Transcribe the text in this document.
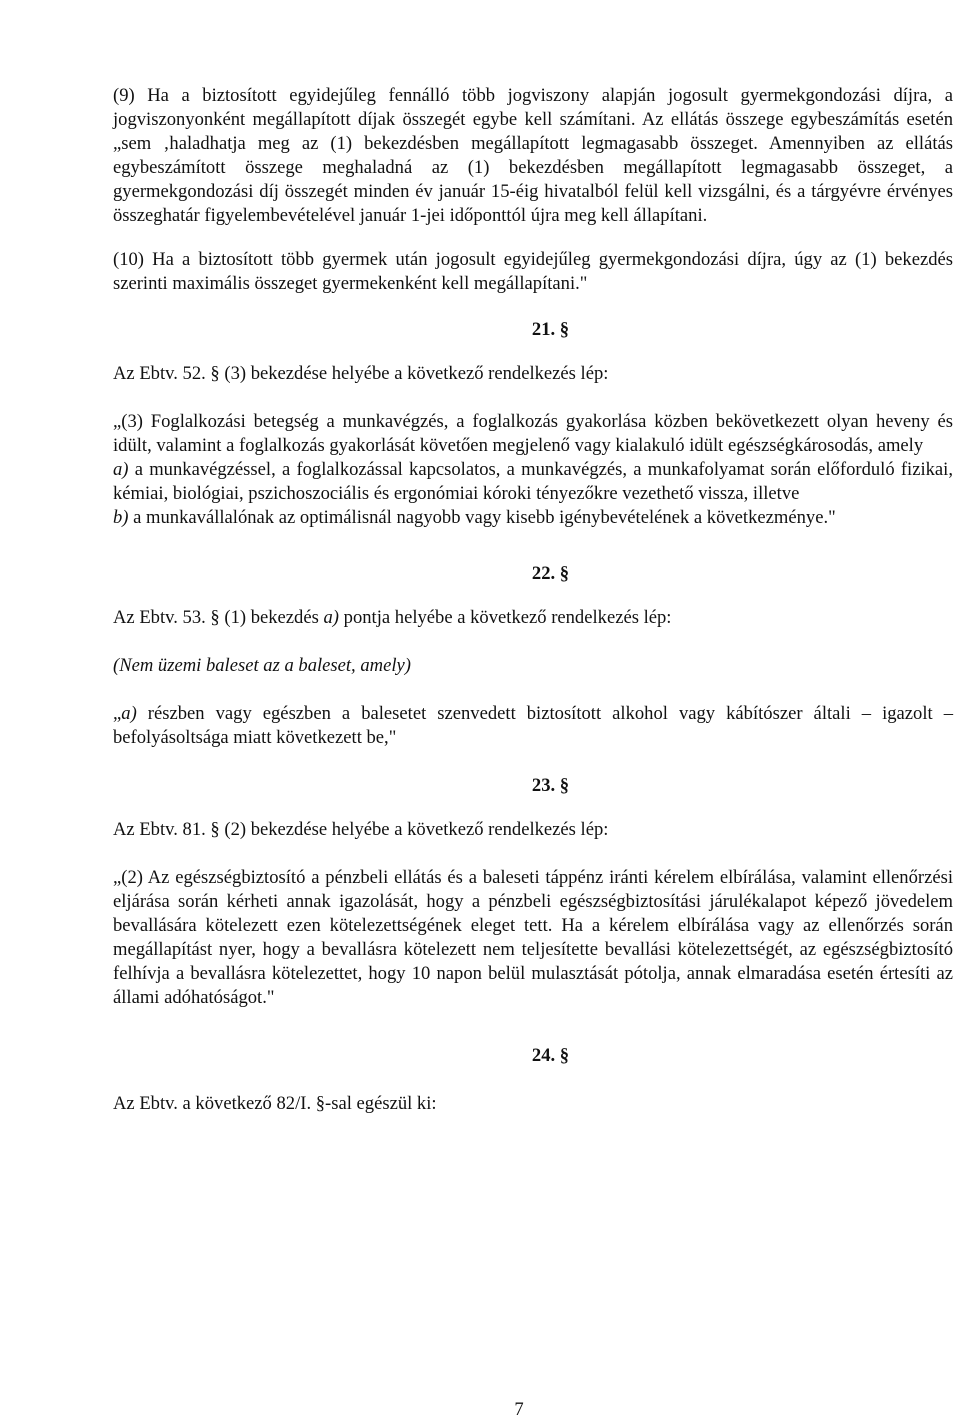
(9) Ha a biztosított egyidejűleg fennálló több jogviszony alapján jogosult gyermekgondozási díjra, a jogviszonyonként megállapított díjak összegét egybe kell számítani. Az ellátás összege egybeszámítás esetén „sem ‚haladhatja meg az (1) bekezdésben megállapított legmagasabb összeget. Amennyiben az ellátás egybeszámított összege meghaladná az (1) bekezdésben megállapított legmagasabb összeget, a gyermekgondozási díj összegét minden év január 15-éig hivatalból felül kell vizsgálni, és a tárgyévre érvényes összeghatár figyelembevételével január 1-jei időponttól újra meg kell állapítani.

(10) Ha a biztosított több gyermek után jogosult egyidejűleg gyermekgondozási díjra, úgy az (1) bekezdés szerinti maximális összeget gyermekenként kell megállapítani."

21. §

Az Ebtv. 52. § (3) bekezdése helyébe a következő rendelkezés lép:

„(3) Foglalkozási betegség a munkavégzés, a foglalkozás gyakorlása közben bekövetkezett olyan heveny és idült, valamint a foglalkozás gyakorlását követően megjelenő vagy kialakuló idült egészségkárosodás, amely

a) a munkavégzéssel, a foglalkozással kapcsolatos, a munkavégzés, a munkafolyamat során előforduló fizikai, kémiai, biológiai, pszichoszociális és ergonómiai kóroki tényezőkre vezethető vissza, illetve

b) a munkavállalónak az optimálisnál nagyobb vagy kisebb igénybevételének a következménye."

22. §

Az Ebtv. 53. § (1) bekezdés a) pontja helyébe a következő rendelkezés lép:

(Nem üzemi baleset az a baleset, amely)

„a) részben vagy egészben a balesetet szenvedett biztosított alkohol vagy kábítószer általi – igazolt – befolyásoltsága miatt következett be,"

23. §

Az Ebtv. 81. § (2) bekezdése helyébe a következő rendelkezés lép:

„(2) Az egészségbiztosító a pénzbeli ellátás és a baleseti táppénz iránti kérelem elbírálása, valamint ellenőrzési eljárása során kérheti annak igazolását, hogy a pénzbeli egészségbiztosítási járulékalapot képező jövedelem bevallására kötelezett ezen kötelezettségének eleget tett. Ha a kérelem elbírálása vagy az ellenőrzés során megállapítást nyer, hogy a bevallásra kötelezett nem teljesítette bevallási kötelezettségét, az egészségbiztosító felhívja a bevallásra kötelezettet, hogy 10 napon belül mulasztását pótolja, annak elmaradása esetén értesíti az állami adóhatóságot."

24. §

Az Ebtv. a következő 82/I. §-sal egészül ki:

7
